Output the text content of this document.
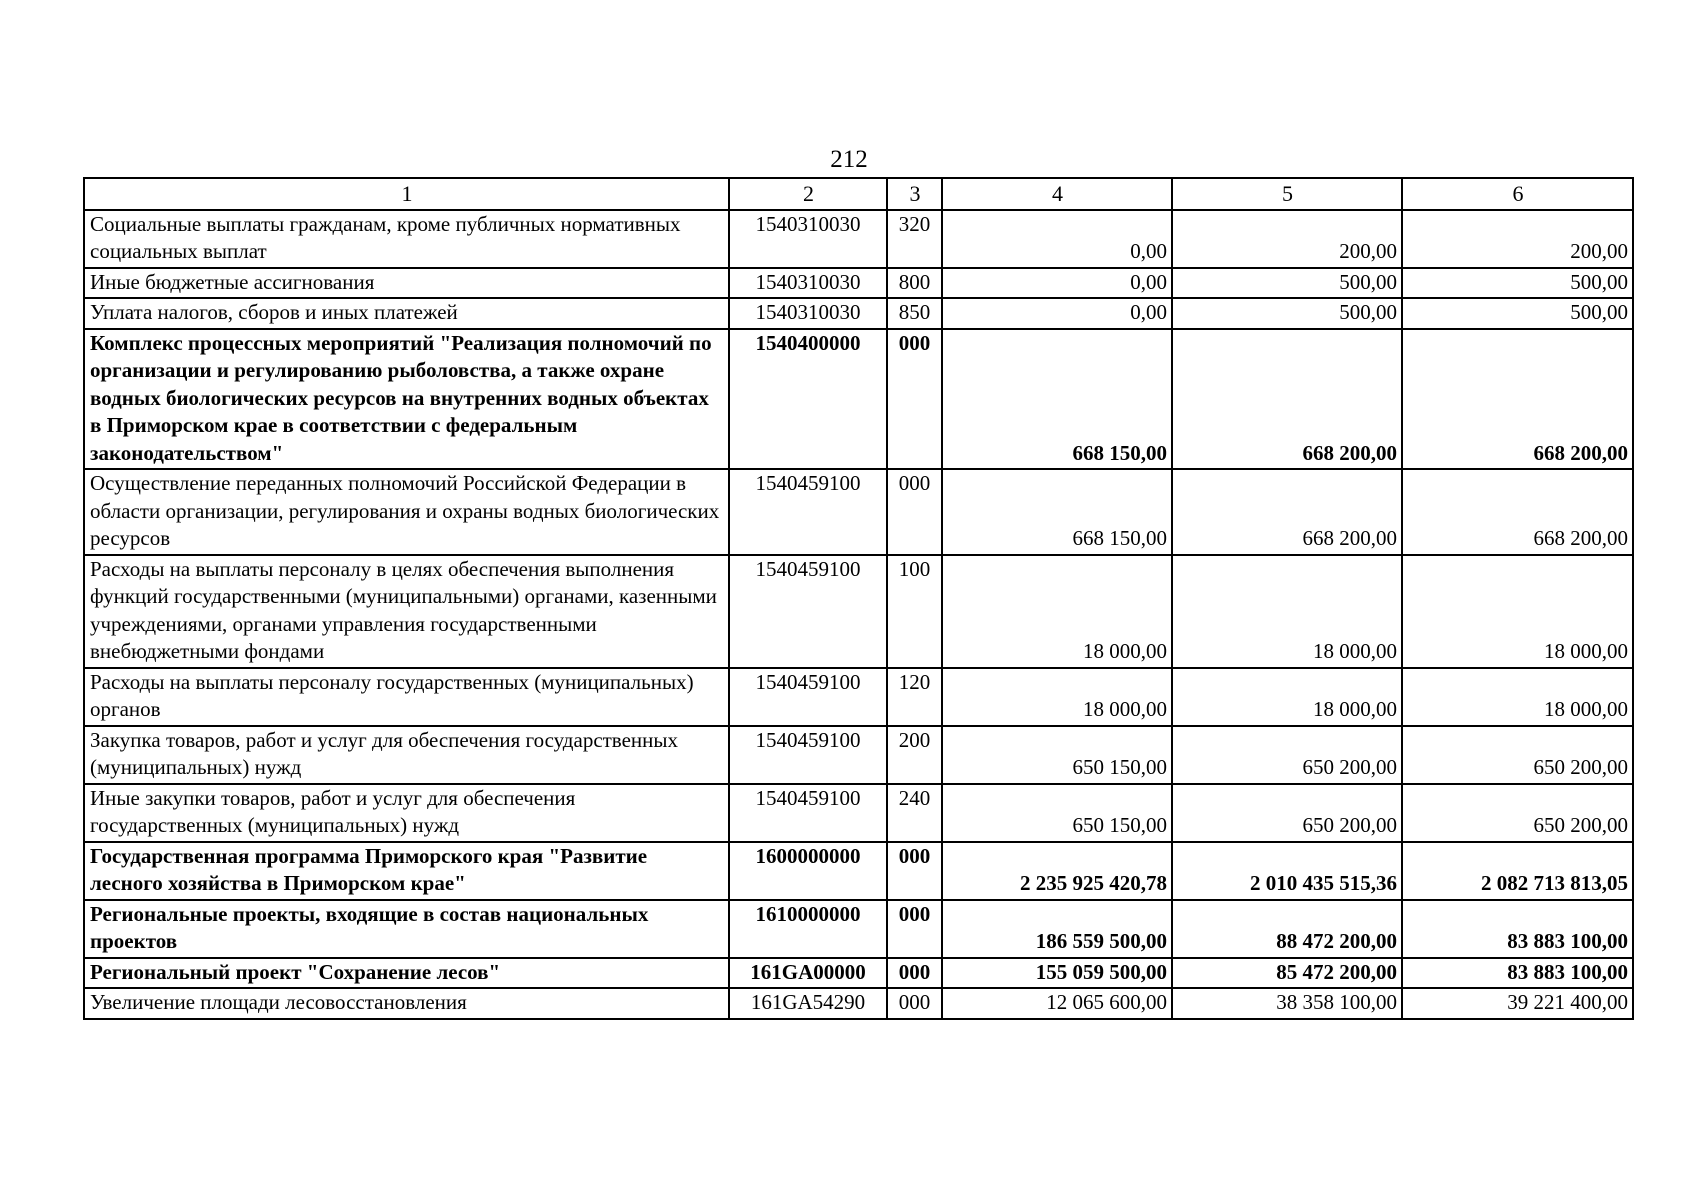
212
1	2	3	4	5	6
Социальные выплаты гражданам, кроме публичных нормативных социальных выплат	1540310030	320	0,00	200,00	200,00
Иные бюджетные ассигнования	1540310030	800	0,00	500,00	500,00
Уплата налогов, сборов и иных платежей	1540310030	850	0,00	500,00	500,00
Комплекс процессных мероприятий "Реализация полномочий по организации и регулированию рыболовства, а также охране водных биологических ресурсов на внутренних водных объектах в Приморском крае в соответствии с федеральным законодательством"	1540400000	000	668 150,00	668 200,00	668 200,00
Осуществление переданных полномочий Российской Федерации в области организации, регулирования и охраны водных биологических ресурсов	1540459100	000	668 150,00	668 200,00	668 200,00
Расходы на выплаты персоналу в целях обеспечения выполнения функций государственными (муниципальными) органами, казенными учреждениями, органами управления государственными внебюджетными фондами	1540459100	100	18 000,00	18 000,00	18 000,00
Расходы на выплаты персоналу государственных (муниципальных) органов	1540459100	120	18 000,00	18 000,00	18 000,00
Закупка товаров, работ и услуг для обеспечения государственных (муниципальных) нужд	1540459100	200	650 150,00	650 200,00	650 200,00
Иные закупки товаров, работ и услуг для обеспечения государственных (муниципальных) нужд	1540459100	240	650 150,00	650 200,00	650 200,00
Государственная программа Приморского края "Развитие лесного хозяйства в Приморском крае"	1600000000	000	2 235 925 420,78	2 010 435 515,36	2 082 713 813,05
Региональные проекты, входящие в состав национальных проектов	1610000000	000	186 559 500,00	88 472 200,00	83 883 100,00
Региональный проект "Сохранение лесов"	161GA00000	000	155 059 500,00	85 472 200,00	83 883 100,00
Увеличение площади лесовосстановления	161GA54290	000	12 065 600,00	38 358 100,00	39 221 400,00
